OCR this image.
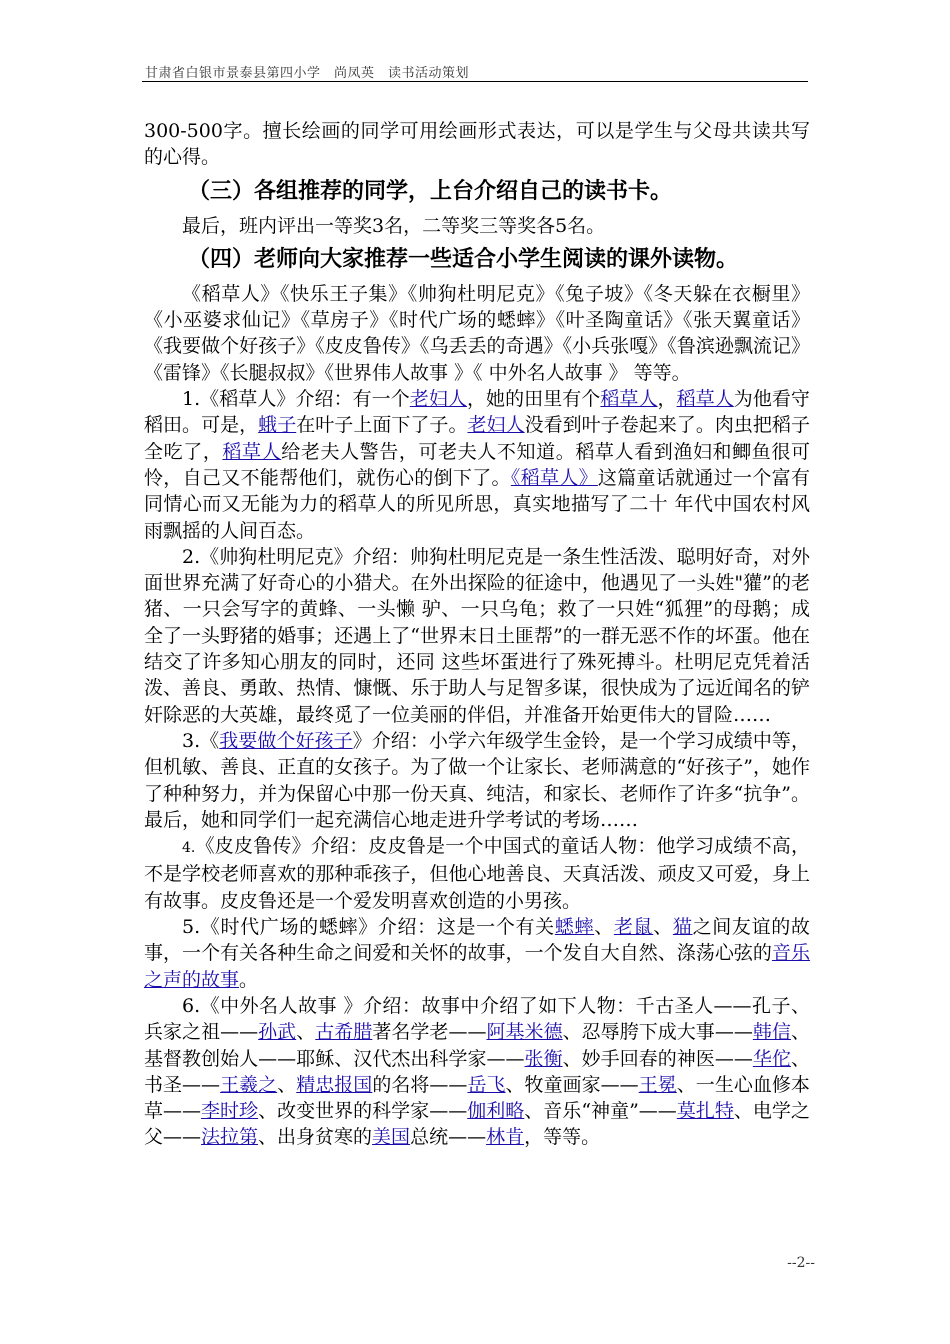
甘肃省白银市景泰县第四小学　尚凤英　读书活动策划

300-500字。擅长绘画的同学可用绘画形式表达，可以是学生与父母共读共写的心得。

（三）各组推荐的同学，上台介绍自己的读书卡。

最后，班内评出一等奖3名，二等奖三等奖各5名。

（四）老师向大家推荐一些适合小学生阅读的课外读物。

《稻草人》《快乐王子集》《帅狗杜明尼克》《兔子坡》《冬天躲在衣橱里》《小巫婆求仙记》《草房子》《时代广场的蟋蟀》《叶圣陶童话》《张天翼童话》《我要做个好孩子》《皮皮鲁传》《乌丢丢的奇遇》《小兵张嘎》《鲁滨逊飘流记》《雷锋》《长腿叔叔》《世界伟人故事 》《 中外名人故事 》 等等。

1.《稻草人》介绍：有一个老妇人，她的田里有个稻草人，稻草人为他看守稻田。可是，蛾子在叶子上面下了子。老妇人没看到叶子卷起来了。肉虫把稻子全吃了，稻草人给老夫人警告，可老夫人不知道。稻草人看到渔妇和鲫鱼很可怜，自己又不能帮他们，就伤心的倒下了。《稻草人》这篇童话就通过一个富有同情心而又无能为力的稻草人的所见所思，真实地描写了二十 年代中国农村风雨飘摇的人间百态。

2.《帅狗杜明尼克》介绍：帅狗杜明尼克是一条生性活泼、聪明好奇，对外面世界充满了好奇心的小猎犬。在外出探险的征途中，他遇见了一头姓"獾”的老猪、一只会写字的黄蜂、一头懒 驴、一只乌龟；救了一只姓“狐狸”的母鹅；成全了一头野猪的婚事；还遇上了“世界末日土匪帮”的一群无恶不作的坏蛋。他在结交了许多知心朋友的同时，还同 这些坏蛋进行了殊死搏斗。杜明尼克凭着活泼、善良、勇敢、热情、慷慨、乐于助人与足智多谋，很快成为了远近闻名的铲奸除恶的大英雄，最终觅了一位美丽的伴侣，并准备开始更伟大的冒险……

3.《我要做个好孩子》介绍：小学六年级学生金铃，是一个学习成绩中等，但机敏、善良、正直的女孩子。为了做一个让家长、老师满意的“好孩子”，她作了种种努力，并为保留心中那一份天真、纯洁，和家长、老师作了许多“抗争”。最后，她和同学们一起充满信心地走进升学考试的考场……

4.《皮皮鲁传》介绍：皮皮鲁是一个中国式的童话人物：他学习成绩不高，不是学校老师喜欢的那种乖孩子，但他心地善良、天真活泼、顽皮又可爱，身上有故事。皮皮鲁还是一个爱发明喜欢创造的小男孩。

5.《时代广场的蟋蟀》介绍：这是一个有关蟋蟀、老鼠、猫之间友谊的故事，一个有关各种生命之间爱和关怀的故事，一个发自大自然、涤荡心弦的音乐之声的故事。

6.《中外名人故事 》介绍：故事中介绍了如下人物：千古圣人——孔子、兵家之祖——孙武、古希腊著名学老——阿基米德、忍辱胯下成大事——韩信、基督教创始人——耶稣、汉代杰出科学家——张衡、妙手回春的神医——华佗、书圣——王羲之、精忠报国的名将——岳飞、牧童画家——王冕、一生心血修本草——李时珍、改变世界的科学家——伽利略、音乐“神童”——莫扎特、电学之父——法拉第、出身贫寒的美国总统——林肯，等等。

--2--
